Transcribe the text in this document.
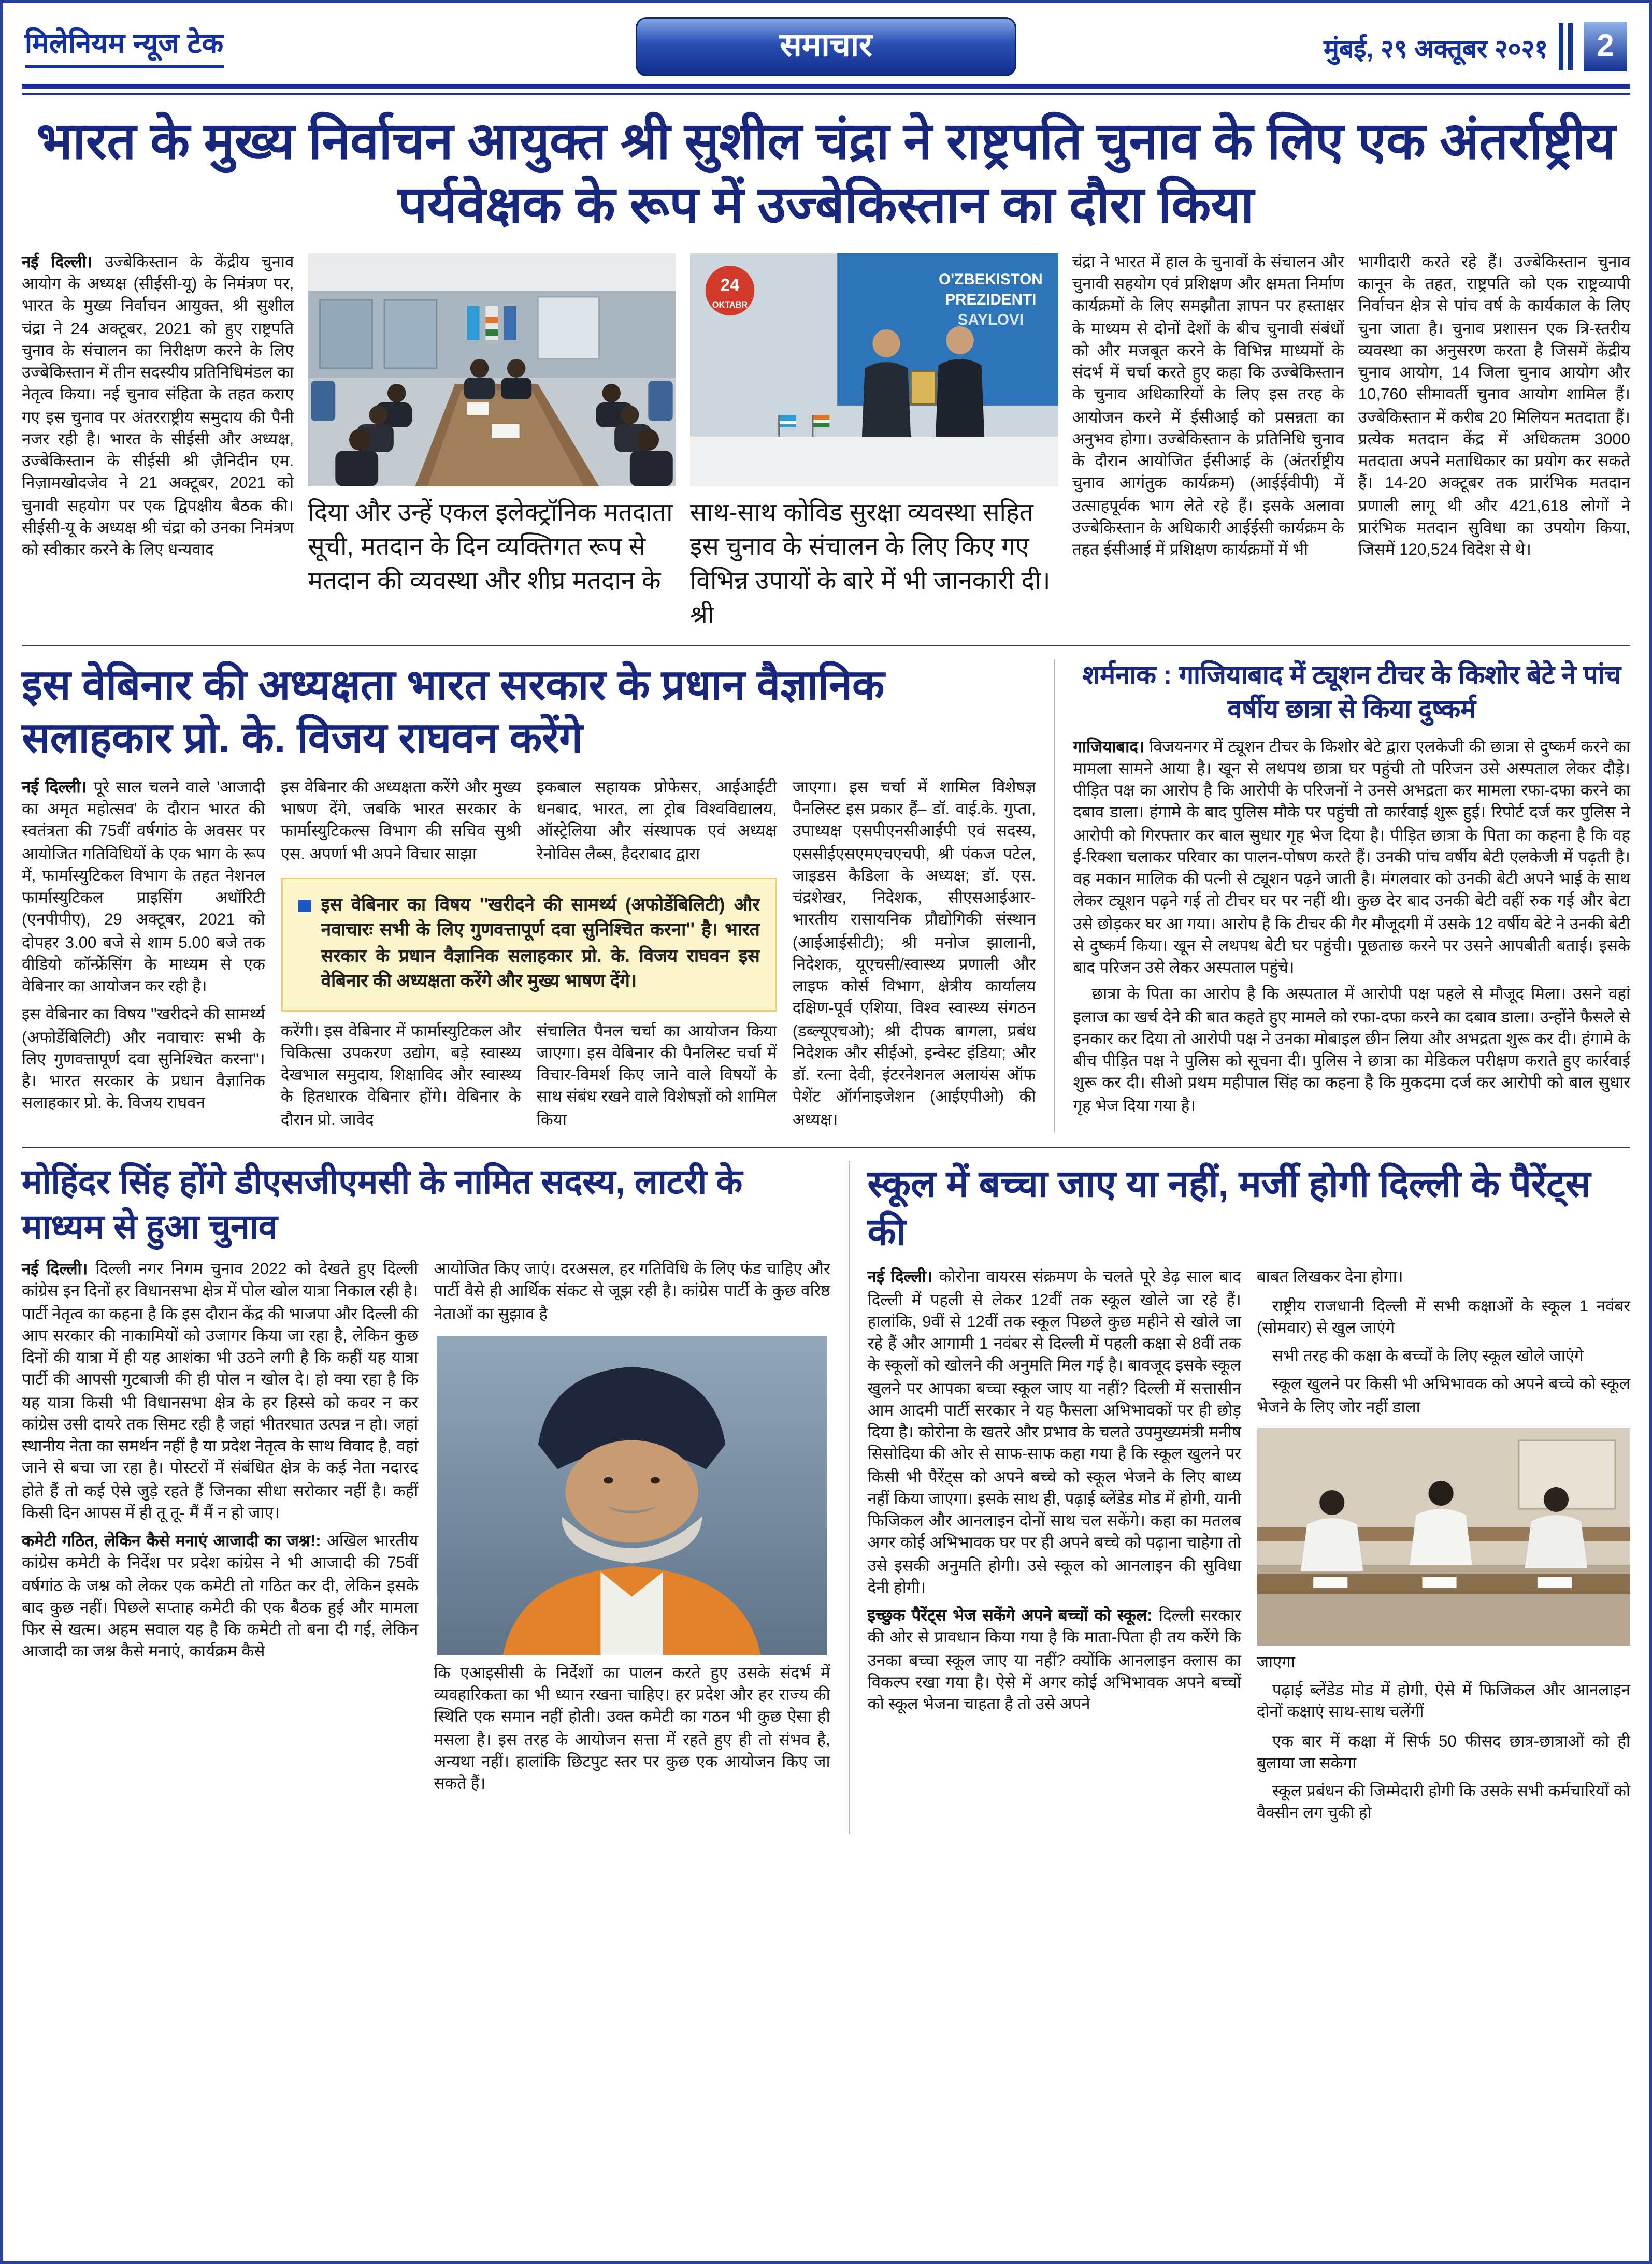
मिलेनियम न्यूज टेक	समाचार	मुंबई, २९ अक्तूबर २०२१	2
भारत के मुख्य निर्वाचन आयुक्त श्री सुशील चंद्रा ने राष्ट्रपति चुनाव के लिए एक अंतर्राष्ट्रीय पर्यवेक्षक के रूप में उज्बेकिस्तान का दौरा किया

नई दिल्ली। उज्बेकिस्तान के केंद्रीय चुनाव आयोग के अध्यक्ष (सीईसी-यू) के निमंत्रण पर, भारत के मुख्य निर्वाचन आयुक्त, श्री सुशील चंद्रा ने 24 अक्टूबर, 2021 को हुए राष्ट्रपति चुनाव के संचालन का निरीक्षण करने के लिए उज्बेकिस्तान में तीन सदस्यीय प्रतिनिधिमंडल का नेतृत्व किया। नई चुनाव संहिता के तहत कराए गए इस चुनाव पर अंतरराष्ट्रीय समुदाय की पैनी नजर रही है। भारत के सीईसी और अध्यक्ष, उज्बेकिस्तान के सीईसी श्री ज़ैनिदीन एम. निज़ामखोदजेव ने 21 अक्टूबर, 2021 को चुनावी सहयोग पर एक द्विपक्षीय बैठक की। सीईसी-यू के अध्यक्ष श्री चंद्रा को उनका निमंत्रण को स्वीकार करने के लिए धन्यवाद

दिया और उन्हें एकल इलेक्ट्रॉनिक मतदाता सूची, मतदान के दिन व्यक्तिगत रूप से मतदान की व्यवस्था और शीघ्र मतदान के
O'ZBEKISTON
PREZIDENTI
SAYLOVI
24
OKTABR
साथ-साथ कोविड सुरक्षा व्यवस्था सहित इस चुनाव के संचालन के लिए किए गए विभिन्न उपायों के बारे में भी जानकारी दी। श्री

चंद्रा ने भारत में हाल के चुनावों के संचालन और चुनावी सहयोग एवं प्रशिक्षण और क्षमता निर्माण कार्यक्रमों के लिए समझौता ज्ञापन पर हस्ताक्षर के माध्यम से दोनों देशों के बीच चुनावी संबंधों को और मजबूत करने के विभिन्न माध्यमों के संदर्भ में चर्चा करते हुए कहा कि उज्बेकिस्तान के चुनाव अधिकारियों के लिए इस तरह के आयोजन करने में ईसीआई को प्रसन्नता का अनुभव होगा। उज्बेकिस्तान के प्रतिनिधि चुनाव के दौरान आयोजित ईसीआई के (अंतर्राष्ट्रीय चुनाव आगंतुक कार्यक्रम) (आईईवीपी) में उत्साहपूर्वक भाग लेते रहे हैं। इसके अलावा उज्बेकिस्तान के अधिकारी आईईसी कार्यक्रम के तहत ईसीआई में प्रशिक्षण कार्यक्रमों में भी

भागीदारी करते रहे हैं। उज्बेकिस्तान चुनाव कानून के तहत, राष्ट्रपति को एक राष्ट्रव्यापी निर्वाचन क्षेत्र से पांच वर्ष के कार्यकाल के लिए चुना जाता है। चुनाव प्रशासन एक त्रि-स्तरीय व्यवस्था का अनुसरण करता है जिसमें केंद्रीय चुनाव आयोग, 14 जिला चुनाव आयोग और 10,760 सीमावर्ती चुनाव आयोग शामिल हैं। उज्बेकिस्तान में करीब 20 मिलियन मतदाता हैं। प्रत्येक मतदान केंद्र में अधिकतम 3000 मतदाता अपने मताधिकार का प्रयोग कर सकते हैं। 14-20 अक्टूबर तक प्रारंभिक मतदान प्रणाली लागू थी और 421,618 लोगों ने प्रारंभिक मतदान सुविधा का उपयोग किया, जिसमें 120,524 विदेश से थे।

इस वेबिनार की अध्यक्षता भारत सरकार के प्रधान वैज्ञानिक सलाहकार प्रो. के. विजय राघवन करेंगे

नई दिल्ली। पूरे साल चलने वाले 'आजादी का अमृत महोत्सव' के दौरान भारत की स्वतंत्रता की 75वीं वर्षगांठ के अवसर पर आयोजित गतिविधियों के एक भाग के रूप में, फार्मास्युटिकल विभाग के तहत नेशनल फार्मास्युटिकल प्राइसिंग अथॉरिटी (एनपीपीए), 29 अक्टूबर, 2021 को दोपहर 3.00 बजे से शाम 5.00 बजे तक वीडियो कॉन्फ्रेंसिंग के माध्यम से एक वेबिनार का आयोजन कर रही है।

इस वेबिनार का विषय ''खरीदने की सामर्थ्य (अफोर्डेबिलिटी) और नवाचारः सभी के लिए गुणवत्तापूर्ण दवा सुनिश्चित करना''। है। भारत सरकार के प्रधान वैज्ञानिक सलाहकार प्रो. के. विजय राघवन

इस वेबिनार की अध्यक्षता करेंगे और मुख्य भाषण देंगे, जबकि भारत सरकार के फार्मास्युटिकल्स विभाग की सचिव सुश्री एस. अपर्णा भी अपने विचार साझा

इकबाल सहायक प्रोफेसर, आईआईटी धनबाद, भारत, ला ट्रोब विश्वविद्यालय, ऑस्ट्रेलिया और संस्थापक एवं अध्यक्ष रेनोविस लैब्स, हैदराबाद द्वारा

इस वेबिनार का विषय ''खरीदने की सामर्थ्य (अफोर्डेबिलिटी) और नवाचारः सभी के लिए गुणवत्तापूर्ण दवा सुनिश्चित करना'' है। भारत सरकार के प्रधान वैज्ञानिक सलाहकार प्रो. के. विजय राघवन इस वेबिनार की अध्यक्षता करेंगे और मुख्य भाषण देंगे।

करेंगी। इस वेबिनार में फार्मास्युटिकल और चिकित्सा उपकरण उद्योग, बड़े स्वास्थ्य देखभाल समुदाय, शिक्षाविद और स्वास्थ्य के हितधारक वेबिनार होंगे। वेबिनार के दौरान प्रो. जावेद

संचालित पैनल चर्चा का आयोजन किया जाएगा। इस वेबिनार की पैनलिस्ट चर्चा में विचार-विमर्श किए जाने वाले विषयों के साथ संबंध रखने वाले विशेषज्ञों को शामिल किया

जाएगा। इस चर्चा में शामिल विशेषज्ञ पैनलिस्ट इस प्रकार हैं– डॉ. वाई.के. गुप्ता, उपाध्यक्ष एसपीएनसीआईपी एवं सदस्य, एससीईएसएमएचएचपी, श्री पंकज पटेल, जाइडस कैडिला के अध्यक्ष; डॉ. एस. चंद्रशेखर, निदेशक, सीएसआईआर-भारतीय रासायनिक प्रौद्योगिकी संस्थान (आईआईसीटी); श्री मनोज झालानी, निदेशक, यूएचसी/स्वास्थ्य प्रणाली और लाइफ कोर्स विभाग, क्षेत्रीय कार्यालय दक्षिण-पूर्व एशिया, विश्व स्वास्थ्य संगठन (डब्ल्यूएचओ); श्री दीपक बागला, प्रबंध निदेशक और सीईओ, इन्वेस्ट इंडिया; और डॉ. रत्ना देवी, इंटरनेशनल अलायंस ऑफ पेशेंट ऑर्गनाइजेशन (आईएपीओ) की अध्यक्ष।

शर्मनाक : गाजियाबाद में ट्यूशन टीचर के किशोर बेटे ने पांच वर्षीय छात्रा से किया दुष्कर्म

गाजियाबाद। विजयनगर में ट्यूशन टीचर के किशोर बेटे द्वारा एलकेजी की छात्रा से दुष्कर्म करने का मामला सामने आया है। खून से लथपथ छात्रा घर पहुंची तो परिजन उसे अस्पताल लेकर दौड़े। पीड़ित पक्ष का आरोप है कि आरोपी के परिजनों ने उनसे अभद्रता कर मामला रफा-दफा करने का दबाव डाला। हंगामे के बाद पुलिस मौके पर पहुंची तो कार्रवाई शुरू हुई। रिपोर्ट दर्ज कर पुलिस ने आरोपी को गिरफ्तार कर बाल सुधार गृह भेज दिया है। पीड़ित छात्रा के पिता का कहना है कि वह ई-रिक्शा चलाकर परिवार का पालन-पोषण करते हैं। उनकी पांच वर्षीय बेटी एलकेजी में पढ़ती है। वह मकान मालिक की पत्नी से ट्यूशन पढ़ने जाती है। मंगलवार को उनकी बेटी अपने भाई के साथ लेकर ट्यूशन पढ़ने गई तो टीचर घर पर नहीं थी। कुछ देर बाद उनकी बेटी वहीं रुक गई और बेटा उसे छोड़कर घर आ गया। आरोप है कि टीचर की गैर मौजूदगी में उसके 12 वर्षीय बेटे ने उनकी बेटी से दुष्कर्म किया। खून से लथपथ बेटी घर पहुंची। पूछताछ करने पर उसने आपबीती बताई। इसके बाद परिजन उसे लेकर अस्पताल पहुंचे।

छात्रा के पिता का आरोप है कि अस्पताल में आरोपी पक्ष पहले से मौजूद मिला। उसने वहां इलाज का खर्च देने की बात कहते हुए मामले को रफा-दफा करने का दबाव डाला। उन्होंने फैसले से इनकार कर दिया तो आरोपी पक्ष ने उनका मोबाइल छीन लिया और अभद्रता शुरू कर दी। हंगामे के बीच पीड़ित पक्ष ने पुलिस को सूचना दी। पुलिस ने छात्रा का मेडिकल परीक्षण कराते हुए कार्रवाई शुरू कर दी। सीओ प्रथम महीपाल सिंह का कहना है कि मुकदमा दर्ज कर आरोपी को बाल सुधार गृह भेज दिया गया है।

मोहिंदर सिंह होंगे डीएसजीएमसी के नामित सदस्य, लाटरी के माध्यम से हुआ चुनाव

नई दिल्ली। दिल्ली नगर निगम चुनाव 2022 को देखते हुए दिल्ली कांग्रेस इन दिनों हर विधानसभा क्षेत्र में पोल खोल यात्रा निकाल रही है। पार्टी नेतृत्व का कहना है कि इस दौरान केंद्र की भाजपा और दिल्ली की आप सरकार की नाकामियों को उजागर किया जा रहा है, लेकिन कुछ दिनों की यात्रा में ही यह आशंका भी उठने लगी है कि कहीं यह यात्रा पार्टी की आपसी गुटबाजी की ही पोल न खोल दे। हो क्या रहा है कि यह यात्रा किसी भी विधानसभा क्षेत्र के हर हिस्से को कवर न कर कांग्रेस उसी दायरे तक सिमट रही है जहां भीतरघात उत्पन्न न हो। जहां स्थानीय नेता का समर्थन नहीं है या प्रदेश नेतृत्व के साथ विवाद है, वहां जाने से बचा जा रहा है। पोस्टरों में संबंधित क्षेत्र के कई नेता नदारद होते हैं तो कई ऐसे जुड़े रहते हैं जिनका सीधा सरोकार नहीं है। कहीं किसी दिन आपस में ही तू तू- मैं मैं न हो जाए।

कमेटी गठित, लेकिन कैसे मनाएं आजादी का जश्न!: अखिल भारतीय कांग्रेस कमेटी के निर्देश पर प्रदेश कांग्रेस ने भी आजादी की 75वीं वर्षगांठ के जश्न को लेकर एक कमेटी तो गठित कर दी, लेकिन इसके बाद कुछ नहीं। पिछले सप्ताह कमेटी की एक बैठक हुई और मामला फिर से खत्म। अहम सवाल यह है कि कमेटी तो बना दी गई, लेकिन आजादी का जश्न कैसे मनाएं, कार्यक्रम कैसे

आयोजित किए जाएं। दरअसल, हर गतिविधि के लिए फंड चाहिए और पार्टी वैसे ही आर्थिक संकट से जूझ रही है। कांग्रेस पार्टी के कुछ वरिष्ठ नेताओं का सुझाव है

कि एआइसीसी के निर्देशों का पालन करते हुए उसके संदर्भ में व्यवहारिकता का भी ध्यान रखना चाहिए। हर प्रदेश और हर राज्य की स्थिति एक समान नहीं होती। उक्त कमेटी का गठन भी कुछ ऐसा ही मसला है। इस तरह के आयोजन सत्ता में रहते हुए ही तो संभव है, अन्यथा नहीं। हालांकि छिटपुट स्तर पर कुछ एक आयोजन किए जा सकते हैं।

स्कूल में बच्चा जाए या नहीं, मर्जी होगी दिल्ली के पैरेंट्स की

नई दिल्ली। कोरोना वायरस संक्रमण के चलते पूरे डेढ़ साल बाद दिल्ली में पहली से लेकर 12वीं तक स्कूल खोले जा रहे हैं। हालांकि, 9वीं से 12वीं तक स्कूल पिछले कुछ महीने से खोले जा रहे हैं और आगामी 1 नवंबर से दिल्ली में पहली कक्षा से 8वीं तक के स्कूलों को खोलने की अनुमति मिल गई है। बावजूद इसके स्कूल खुलने पर आपका बच्चा स्कूल जाए या नहीं? दिल्ली में सत्तासीन आम आदमी पार्टी सरकार ने यह फैसला अभिभावकों पर ही छोड़ दिया है। कोरोना के खतरे और प्रभाव के चलते उपमुख्यमंत्री मनीष सिसोदिया की ओर से साफ-साफ कहा गया है कि स्कूल खुलने पर किसी भी पैरेंट्स को अपने बच्चे को स्कूल भेजने के लिए बाध्य नहीं किया जाएगा। इसके साथ ही, पढ़ाई ब्लेंडेड मोड में होगी, यानी फिजिकल और आनलाइन दोनों साथ चल सकेंगे। कहा का मतलब अगर कोई अभिभावक घर पर ही अपने बच्चे को पढ़ाना चाहेगा तो उसे इसकी अनुमति होगी। उसे स्कूल को आनलाइन की सुविधा देनी होगी।

इच्छुक पैरेंट्स भेज सकेंगे अपने बच्चों को स्कूल: दिल्ली सरकार की ओर से प्रावधान किया गया है कि माता-पिता ही तय करेंगे कि उनका बच्चा स्कूल जाए या नहीं? क्योंकि आनलाइन क्लास का विकल्प रखा गया है। ऐसे में अगर कोई अभिभावक अपने बच्चों को स्कूल भेजना चाहता है तो उसे अपने

बाबत लिखकर देना होगा।

राष्ट्रीय राजधानी दिल्ली में सभी कक्षाओं के स्कूल 1 नवंबर (सोमवार) से खुल जाएंगे

सभी तरह की कक्षा के बच्चों के लिए स्कूल खोले जाएंगे

स्कूल खुलने पर किसी भी अभिभावक को अपने बच्चे को स्कूल भेजने के लिए जोर नहीं डाला

जाएगा

पढ़ाई ब्लेंडेड मोड में होगी, ऐसे में फिजिकल और आनलाइन दोनों कक्षाएं साथ-साथ चलेंगीं

एक बार में कक्षा में सिर्फ 50 फीसद छात्र-छात्राओं को ही बुलाया जा सकेगा

स्कूल प्रबंधन की जिम्मेदारी होगी कि उसके सभी कर्मचारियों को वैक्सीन लग चुकी हो
